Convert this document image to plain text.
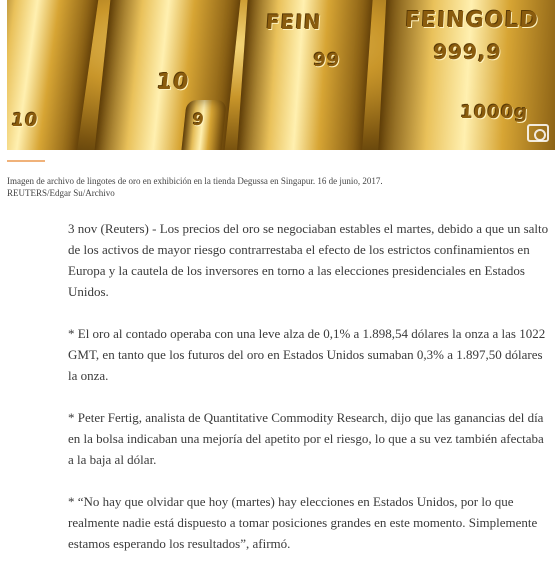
10
10
FEIN
99
FEINGOLD
999,9
1000g
9
Imagen de archivo de lingotes de oro en exhibición en la tienda Degussa en Singapur. 16 de junio, 2017.
REUTERS/Edgar Su/Archivo

3 nov (Reuters) - Los precios del oro se negociaban estables el martes, debido a que un salto de los activos de mayor riesgo contrarrestaba el efecto de los estrictos confinamientos en Europa y la cautela de los inversores en torno a las elecciones presidenciales en Estados Unidos.

* El oro al contado operaba con una leve alza de 0,1% a 1.898,54 dólares la onza a las 1022 GMT, en tanto que los futuros del oro en Estados Unidos sumaban 0,3% a 1.897,50 dólares la onza.

* Peter Fertig, analista de Quantitative Commodity Research, dijo que las ganancias del día en la bolsa indicaban una mejoría del apetito por el riesgo, lo que a su vez también afectaba a la baja al dólar.

* “No hay que olvidar que hoy (martes) hay elecciones en Estados Unidos, por lo que realmente nadie está dispuesto a tomar posiciones grandes en este momento. Simplemente estamos esperando los resultados”, afirmó.
